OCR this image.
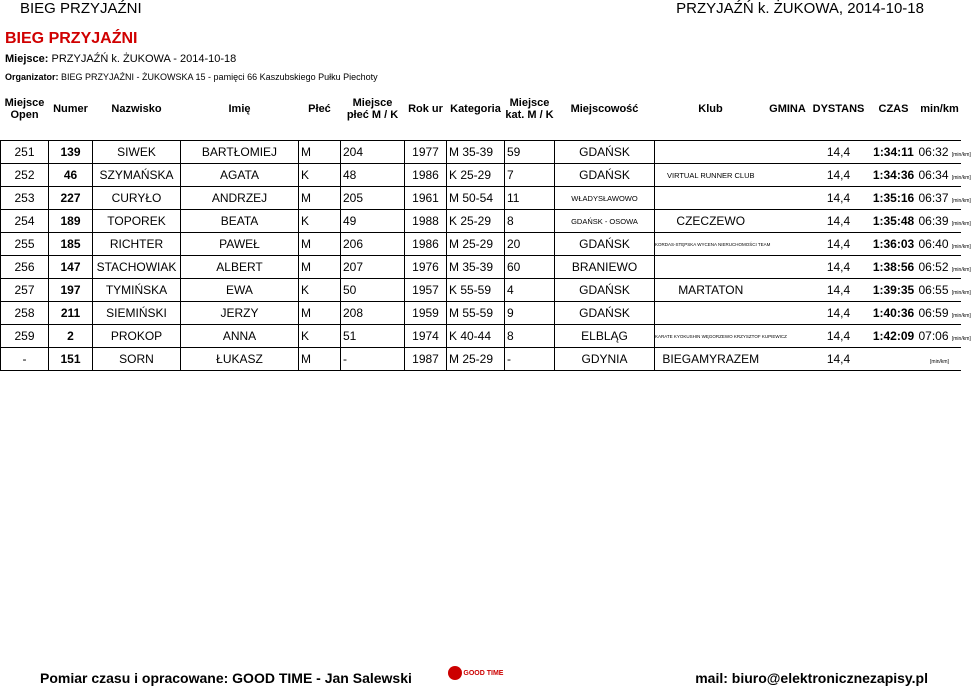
BIEG PRZYJAŹNI	PRZYJAŹŃ k. ŻUKOWA, 2014-10-18
BIEG PRZYJAŹNI
Miejsce: PRZYJAŹŃ k. ŻUKOWA - 2014-10-18
Organizator: BIEG PRZYJAŹNI - ŻUKOWSKA 15 - pamięci 66 Kaszubskiego Pułku Piechoty
Miejsce Open	Numer	Nazwisko	Imię	Płeć	Miejsce płeć M / K	Rok ur	Kategoria	Miejsce kat. M / K	Miejscowość	Klub	GMINA	DYSTANS	CZAS	min/km

251	139	SIWEK	BARTŁOMIEJ	M	204	1977	M 35-39	59	GDAŃSK			14,4	1:34:11	06:32 [min/km]
252	46	SZYMAŃSKA	AGATA	K	48	1986	K 25-29	7	GDAŃSK	VIRTUAL RUNNER CLUB		14,4	1:34:36	06:34 [min/km]
253	227	CURYŁO	ANDRZEJ	M	205	1961	M 50-54	11	WŁADYSŁAWOWO			14,4	1:35:16	06:37 [min/km]
254	189	TOPOREK	BEATA	K	49	1988	K 25-29	8	GDAŃSK - OSOWA	CZECZEWO		14,4	1:35:48	06:39 [min/km]
255	185	RICHTER	PAWEŁ	M	206	1986	M 25-29	20	GDAŃSK	KORDAS-STĘPSKA WYCENA NIERUCHOMOŚCI TEAM		14,4	1:36:03	06:40 [min/km]
256	147	STACHOWIAK	ALBERT	M	207	1976	M 35-39	60	BRANIEWO			14,4	1:38:56	06:52 [min/km]
257	197	TYMIŃSKA	EWA	K	50	1957	K 55-59	4	GDAŃSK	MARTATON		14,4	1:39:35	06:55 [min/km]
258	211	SIEMIŃSKI	JERZY	M	208	1959	M 55-59	9	GDAŃSK			14,4	1:40:36	06:59 [min/km]
259	2	PROKOP	ANNA	K	51	1974	K 40-44	8	ELBLĄG	KARATE KYOKUSHIN WĘGORZEWO KRZYSZTOF KUPIEWICZ		14,4	1:42:09	07:06 [min/km]
-	151	SORN	ŁUKASZ	M	-	1987	M 25-29	-	GDYNIA	BIEGAMYRAZEM		14,4		[min/km]
Pomiar czasu i opracowane: GOOD TIME - Jan Salewski	GOOD TIME	mail: biuro@elektronicznezapisy.pl
